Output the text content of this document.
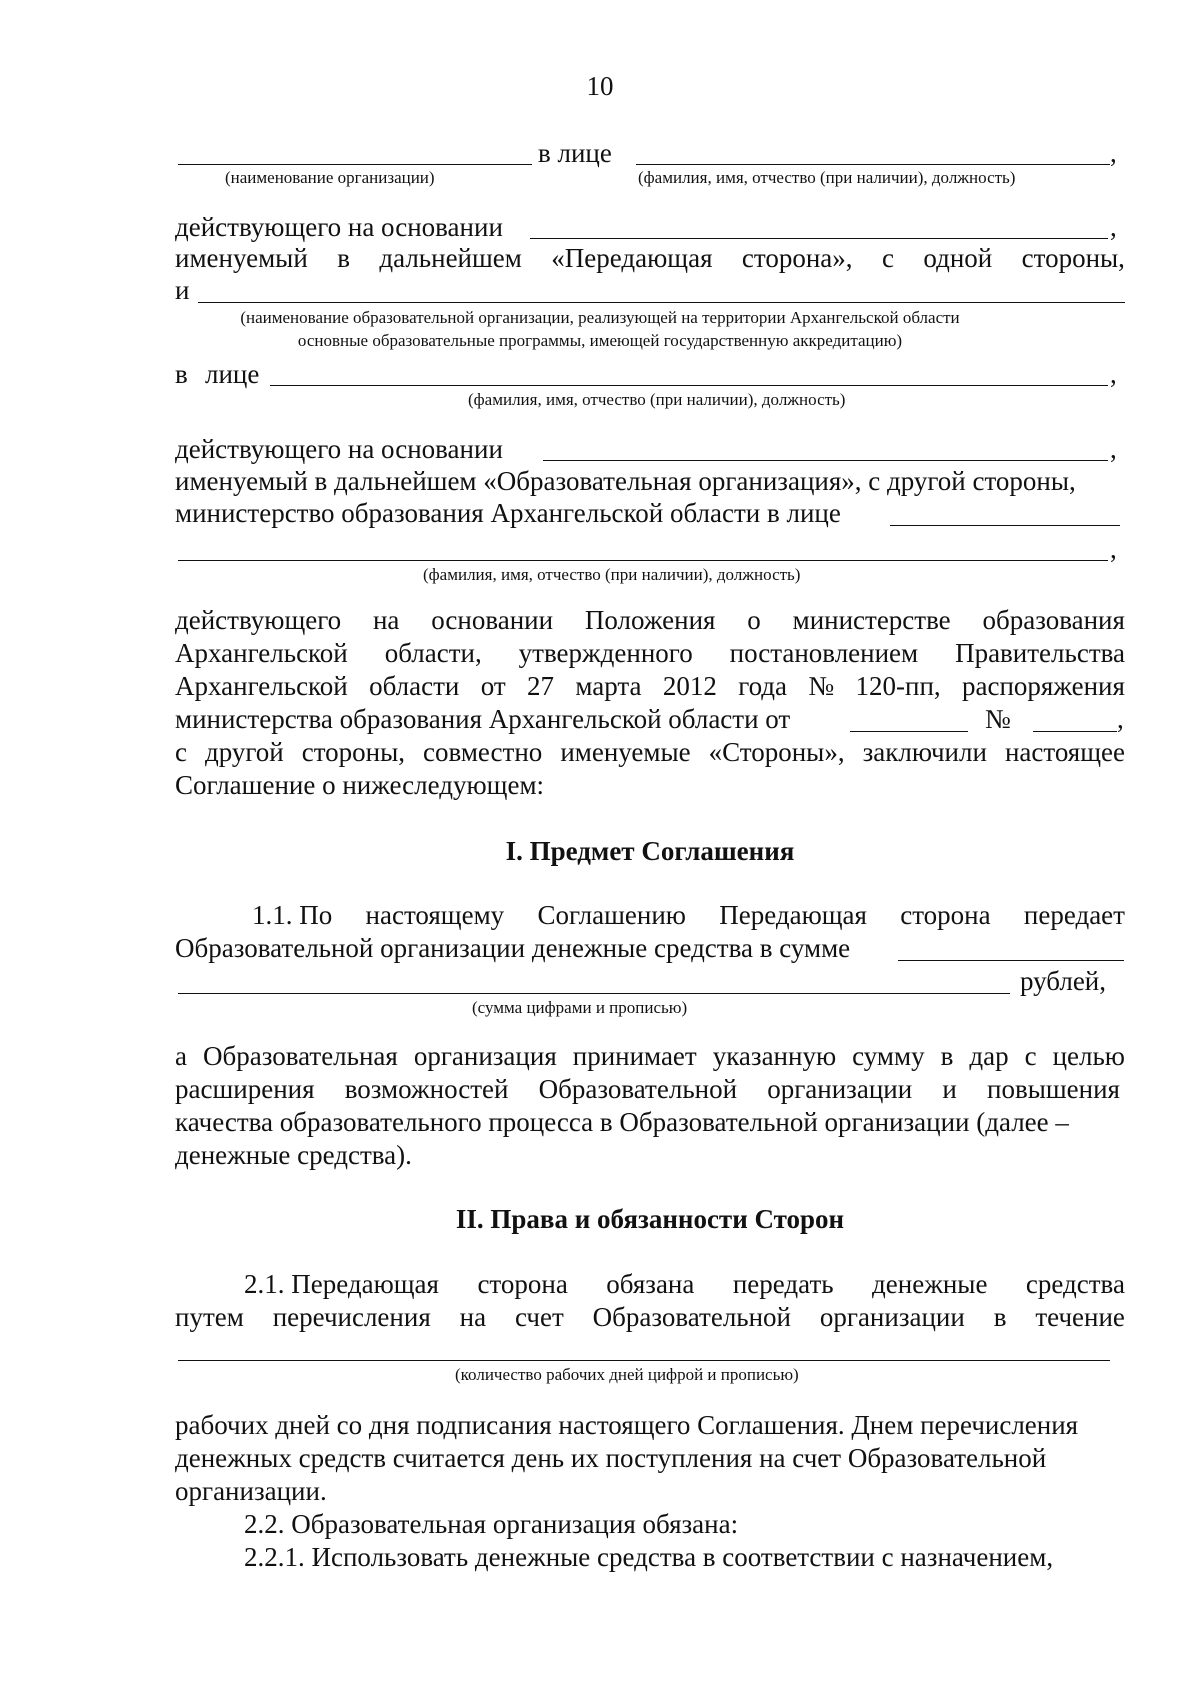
10
в лице	,
(наименование организации)	(фамилия, имя, отчество (при наличии), должность)
действующего на основании	,
именуемый в дальнейшем «Передающая сторона», с одной стороны,
и
(наименование образовательной организации, реализующей на территории Архангельской области
основные образовательные программы, имеющей государственную аккредитацию)
в лице	,
(фамилия, имя, отчество (при наличии), должность)
действующего на основании	,
именуемый в дальнейшем «Образовательная организация», с другой стороны,
министерство образования Архангельской области в лице
,
(фамилия, имя, отчество (при наличии), должность)
действующего на основании Положения о министерстве образования
Архангельской области, утвержденного постановлением Правительства
Архангельской области от 27 марта 2012 года № 120-пп, распоряжения
министерства образования Архангельской области от	№	,
с другой стороны, совместно именуемые «Стороны», заключили настоящее
Соглашение о нижеследующем:
I. Предмет Соглашения
1.1. По настоящему Соглашению Передающая сторона передает
Образовательной организации денежные средства в сумме
рублей,
(сумма цифрами и прописью)
а Образовательная организация принимает указанную сумму в дар с целью
расширения возможностей Образовательной организации и повышения
качества образовательного процесса в Образовательной организации (далее –
денежные средства).
II. Права и обязанности Сторон
2.1. Передающая сторона обязана передать денежные средства
путем перечисления на счет Образовательной организации в течение
(количество рабочих дней цифрой и прописью)
рабочих дней со дня подписания настоящего Соглашения. Днем перечисления
денежных средств считается день их поступления на счет Образовательной
организации.
2.2. Образовательная организация обязана:
2.2.1. Использовать денежные средства в соответствии с назначением,
